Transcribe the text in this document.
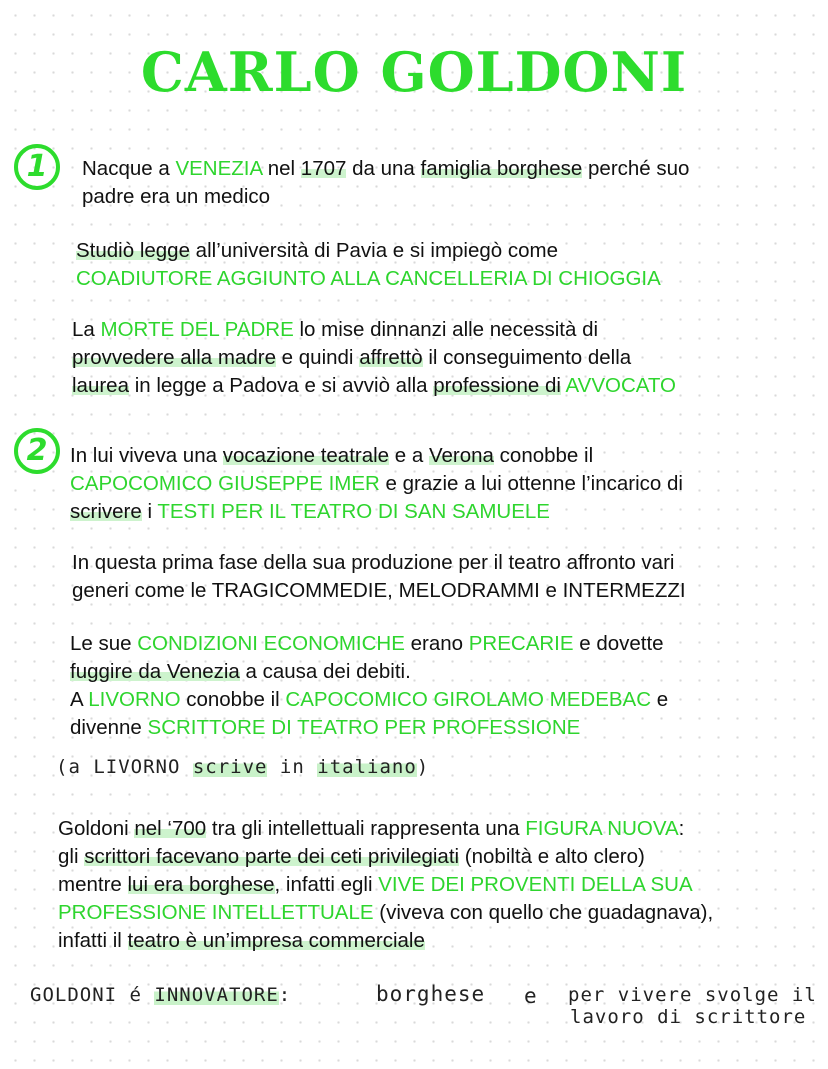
CARLO GOLDONI
1
2
Nacque a VENEZIA nel 1707 da una famiglia borghese perché suo
padre era un medico
Studiò legge all’università di Pavia e si impiegò come
COADIUTORE AGGIUNTO ALLA CANCELLERIA DI CHIOGGIA
La MORTE DEL PADRE lo mise dinnanzi alle necessità di
provvedere alla madre e quindi affrettò il conseguimento della
laurea in legge a Padova e si avviò alla professione di AVVOCATO
In lui viveva una vocazione teatrale e a Verona conobbe il
CAPOCOMICO GIUSEPPE IMER e grazie a lui ottenne l’incarico di
scrivere i TESTI PER IL TEATRO DI SAN SAMUELE
In questa prima fase della sua produzione per il teatro affronto vari
generi come le TRAGICOMMEDIE, MELODRAMMI e INTERMEZZI
Le sue CONDIZIONI ECONOMICHE erano PRECARIE e dovette
fuggire da Venezia a causa dei debiti.
A LIVORNO conobbe il CAPOCOMICO GIROLAMO MEDEBAC e
divenne SCRITTORE DI TEATRO PER PROFESSIONE
(a LIVORNO scrive in italiano)
Goldoni nel ‘700 tra gli intellettuali rappresenta una FIGURA NUOVA:
gli scrittori facevano parte dei ceti privilegiati (nobiltà e alto clero)
mentre lui era borghese, infatti egli VIVE DEI PROVENTI DELLA SUA
PROFESSIONE INTELLETTUALE (viveva con quello che guadagnava),
infatti il teatro è un’impresa commerciale
GOLDONI é INNOVATORE:	borghese e per vivere svolge il
lavoro di scrittore
